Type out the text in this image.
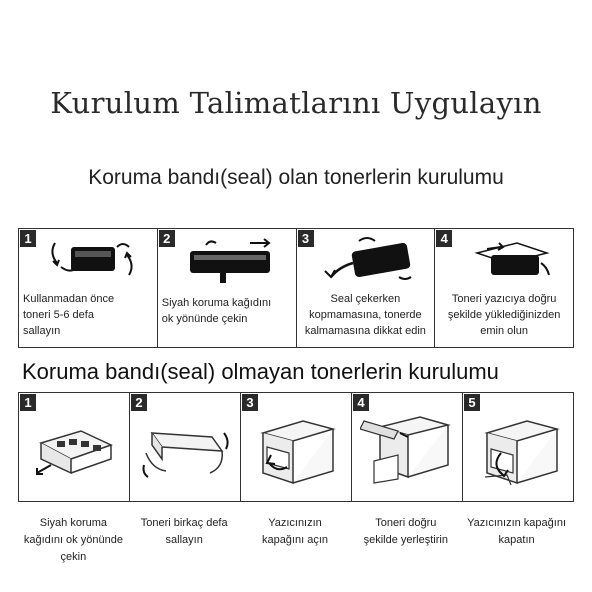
Kurulum Talimatlarını Uygulayın
Koruma bandı(seal) olan tonerlerin kurulumu
1
Kullanmadan önce
toneri 5-6 defa
sallayın
2
Siyah koruma kağıdını
ok yönünde çekin
3
Seal çekerken
kopmamasına, tonerde
kalmamasına dikkat edin
4
Toneri yazıcıya doğru
şekilde yüklediğinizden
emin olun
Koruma bandı(seal) olmayan tonerlerin kurulumu
1	2	3	4	5
Siyah koruma
kağıdını ok yönünde
çekin
Toneri birkaç defa
sallayın
Yazıcınızın
kapağını açın
Toneri doğru
şekilde yerleştirin
Yazıcınızın kapağını
kapatın
